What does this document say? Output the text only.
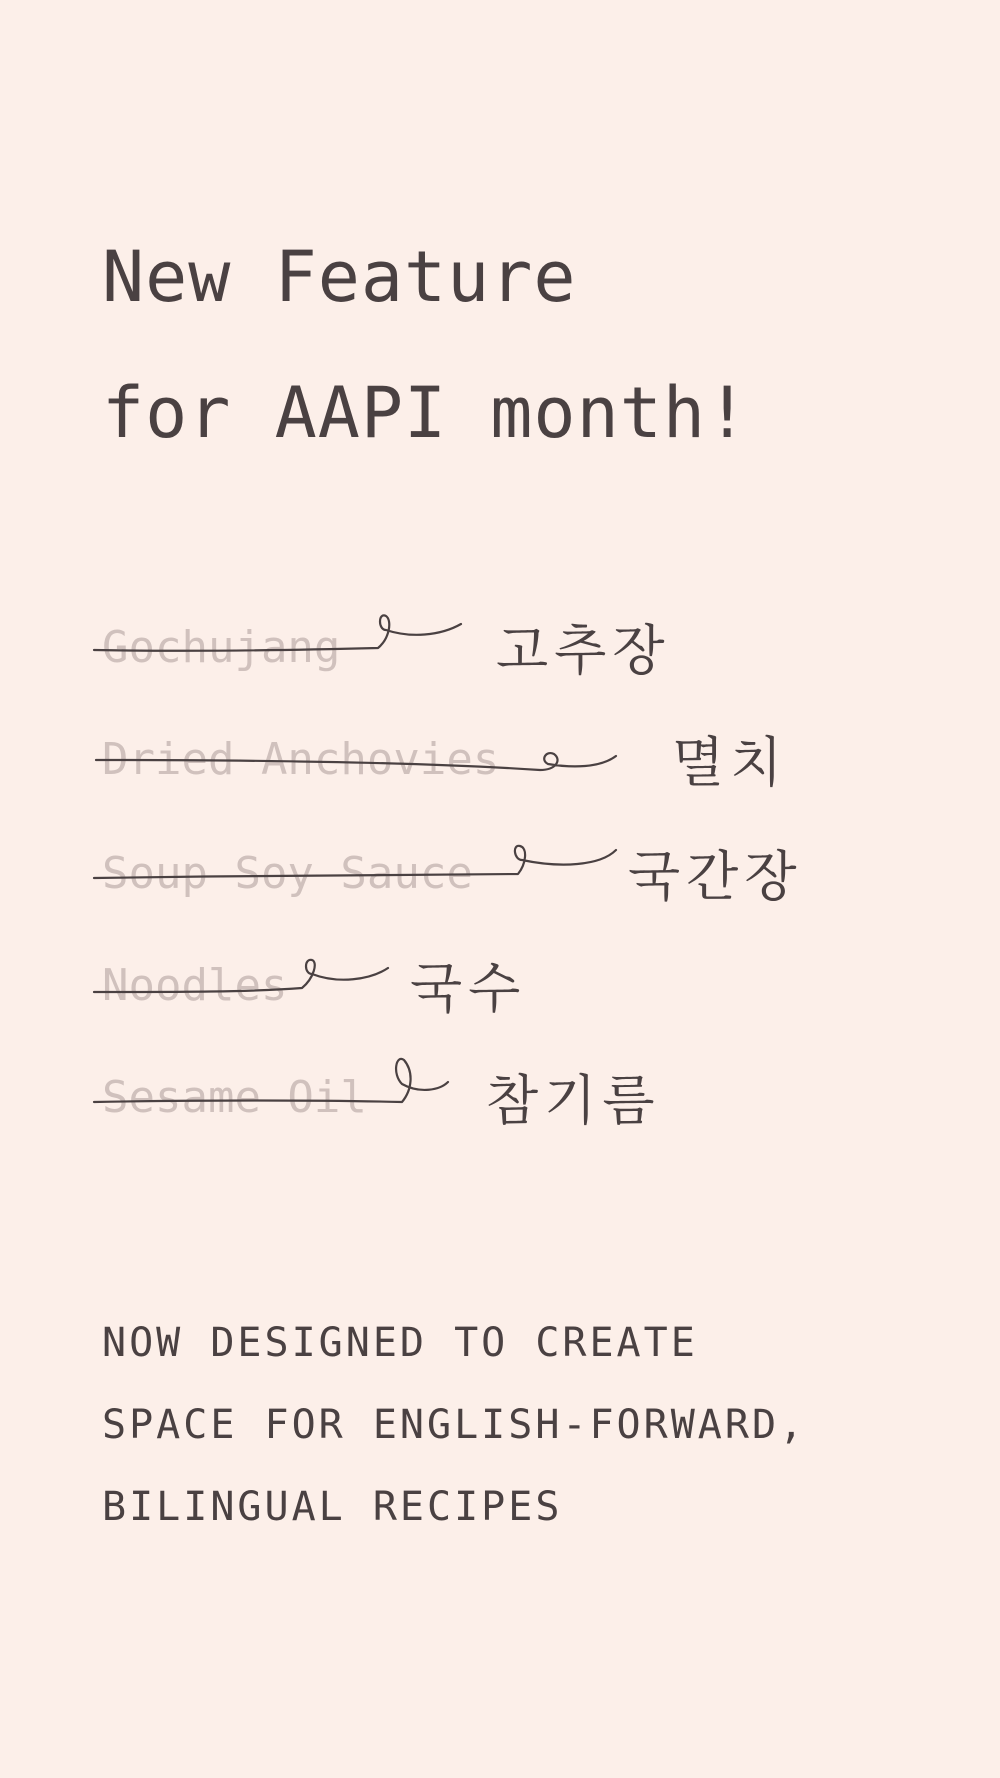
New Feature
for AAPI month!
Gochujang	고추장
Dried Anchovies	멸치
Soup Soy Sauce	국간장
Noodles 국수
Sesame Oil 참기름
NOW DESIGNED TO CREATE
SPACE FOR ENGLISH-FORWARD,
BILINGUAL RECIPES
